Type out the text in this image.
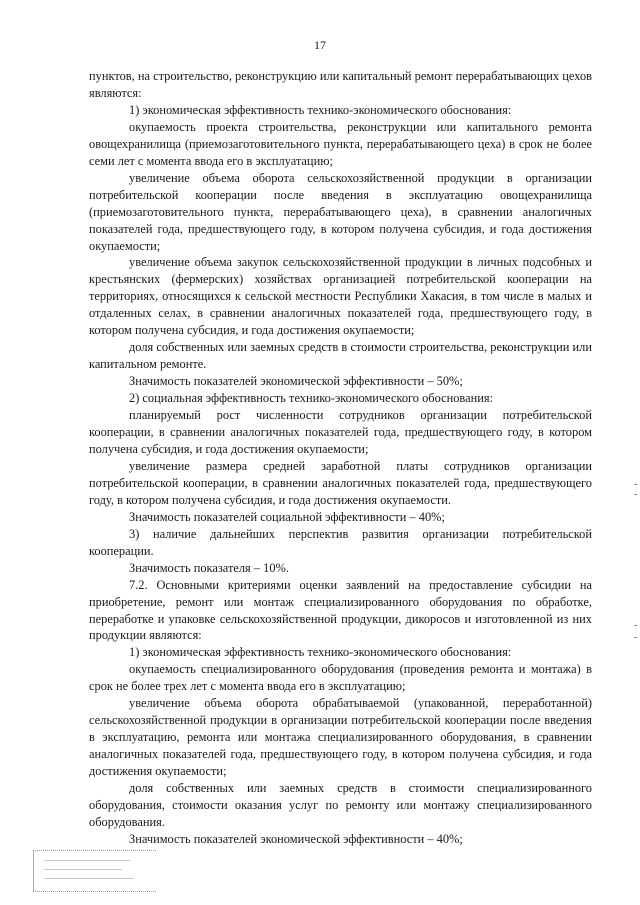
17

пунктов, на строительство, реконструкцию или капитальный ремонт перерабатывающих цехов являются:

1) экономическая эффективность технико-экономического обоснования:

окупаемость проекта строительства, реконструкции или капитального ремонта овощехранилища (приемозаготовительного пункта, перерабатывающего цеха) в срок не более семи лет с момента ввода его в эксплуатацию;

увеличение объема оборота сельскохозяйственной продукции в организации потребительской кооперации после введения в эксплуатацию овощехранилища (приемозаготовительного пункта, перерабатывающего цеха), в сравнении аналогичных показателей года, предшествующего году, в котором получена субсидия, и года достижения окупаемости;

увеличение объема закупок сельскохозяйственной продукции в личных подсобных и крестьянских (фермерских) хозяйствах организацией потребительской кооперации на территориях, относящихся к сельской местности Республики Хакасия, в том числе в малых и отдаленных селах, в сравнении аналогичных показателей года, предшествующего году, в котором получена субсидия, и года достижения окупаемости;

доля собственных или заемных средств в стоимости строительства, реконструкции или капитальном ремонте.

Значимость показателей экономической эффективности – 50%;

2) социальная эффективность технико-экономического обоснования:

планируемый рост численности сотрудников организации потребительской кооперации, в сравнении аналогичных показателей года, предшествующего году, в котором получена субсидия, и года достижения окупаемости;

увеличение размера средней заработной платы сотрудников организации потребительской кооперации, в сравнении аналогичных показателей года, предшествующего году, в котором получена субсидия, и года достижения окупаемости.

Значимость показателей социальной эффективности – 40%;

3) наличие дальнейших перспектив развития организации потребительской кооперации.

Значимость показателя – 10%.

7.2. Основными критериями оценки заявлений на предоставление субсидии на приобретение, ремонт или монтаж специализированного оборудования по обработке, переработке и упаковке сельскохозяйственной продукции, дикоросов и изготовленной из них продукции являются:

1) экономическая эффективность технико-экономического обоснования:

окупаемость специализированного оборудования (проведения ремонта и монтажа) в срок не более трех лет с момента ввода его в эксплуатацию;

увеличение объема оборота обрабатываемой (упакованной, переработанной) сельскохозяйственной продукции в организации потребительской кооперации после введения в эксплуатацию, ремонта или монтажа специализированного оборудования, в сравнении аналогичных показателей года, предшествующего году, в котором получена субсидия, и года достижения окупаемости;

доля собственных или заемных средств в стоимости специализированного оборудования, стоимости оказания услуг по ремонту или монтажу специализированного оборудования.

Значимость показателей экономической эффективности – 40%;
